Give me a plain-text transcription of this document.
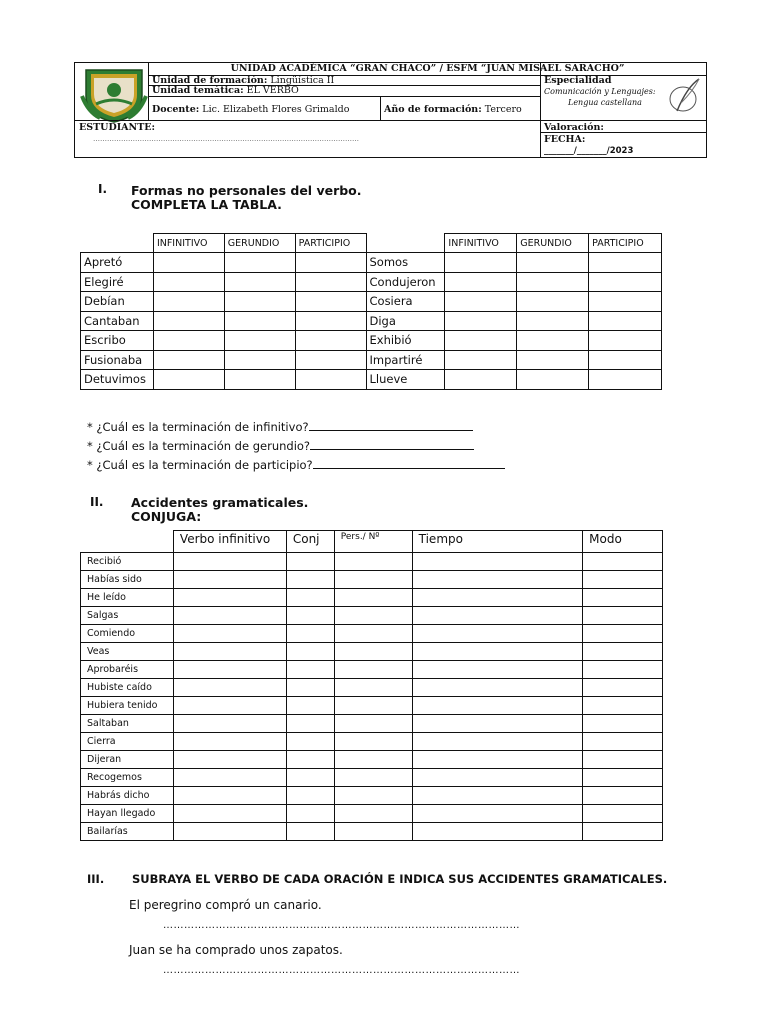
UNIDAD ACADÉMICA “GRAN CHACO” / ESFM “JUAN MISAEL SARACHO”
Unidad de formación: Lingüística II
Unidad temática: EL VERBO
Docente: Lic. Elizabeth Flores Grimaldo	Año de formación: Tercero
Especialidad
Comunicación y Lenguajes:
Lengua castellana
ESTUDIANTE:
……………………………………………………………………………………………………
Valoración:
FECHA:
_______/_______/2023
I. Formas no personales del verbo.
COMPLETA LA TABLA.
	INFINITIVO	GERUNDIO	PARTICIPIO		INFINITIVO	GERUNDIO	PARTICIPIO
Apretó				Somos			
Elegiré				Condujeron			
Debían				Cosiera			
Cantaban				Diga			
Escribo				Exhibió			
Fusionaba				Impartiré			
Detuvimos				Llueve			
* ¿Cuál es la terminación de infinitivo?
* ¿Cuál es la terminación de gerundio?
* ¿Cuál es la terminación de participio?
II. Accidentes gramaticales.
CONJUGA:
	Verbo infinitivo	Conj	Pers./ Nº	Tiempo	Modo
Recibió					
Habías sido					
He leído					
Salgas					
Comiendo					
Veas					
Aprobaréis					
Hubiste caído					
Hubiera tenido					
Saltaban					
Cierra					
Dijeran					
Recogemos					
Habrás dicho					
Hayan llegado					
Bailarías					
III. SUBRAYA EL VERBO DE CADA ORACIÓN E INDICA SUS ACCIDENTES GRAMATICALES.
El peregrino compró un canario.
…………………………………………………………………………………………
Juan se ha comprado unos zapatos.
…………………………………………………………………………………………
